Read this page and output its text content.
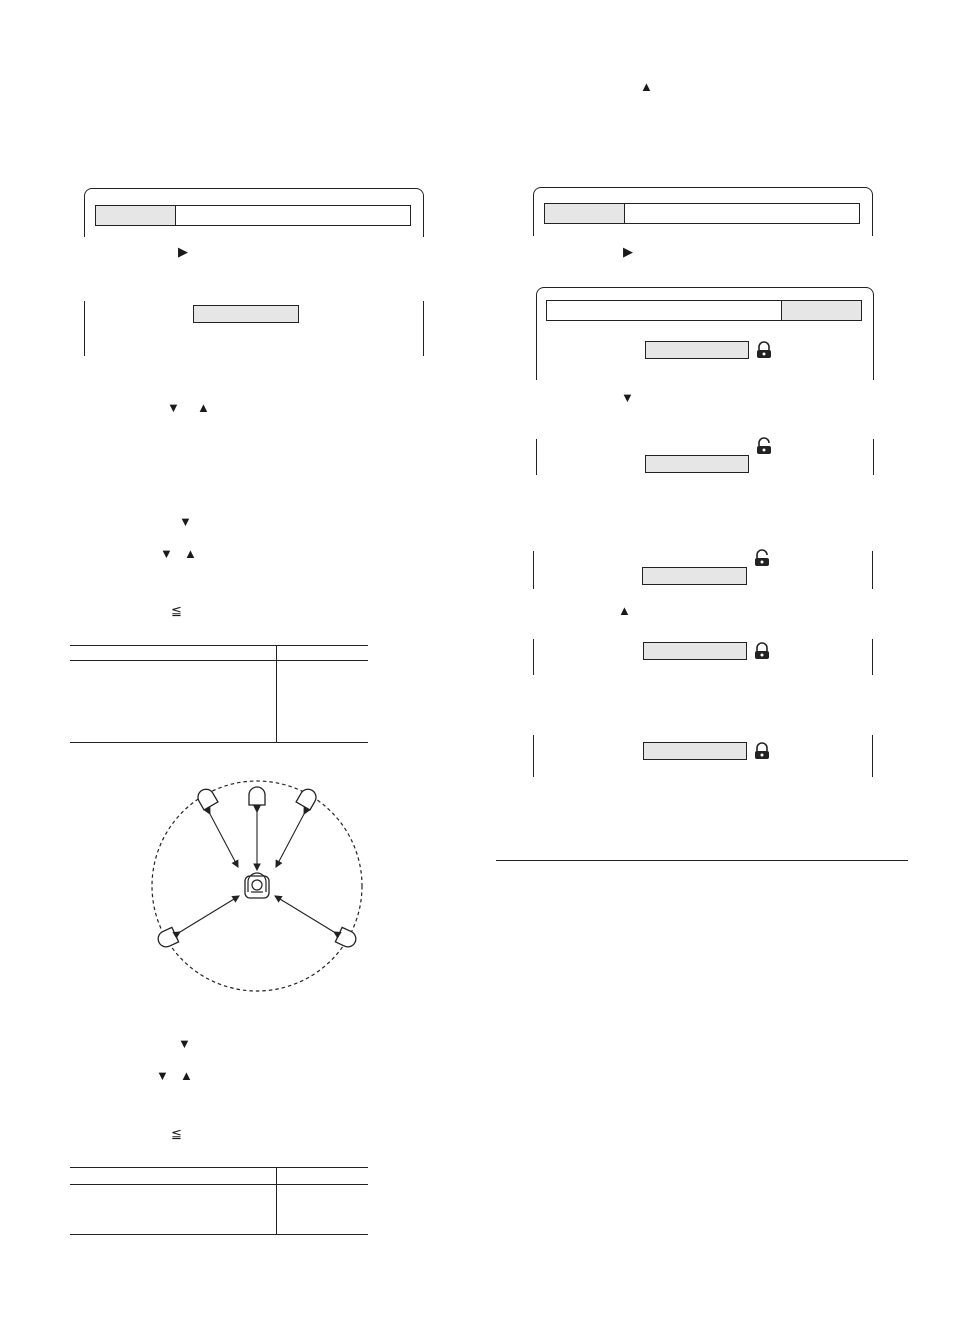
▶
▼ ▲
▼
▼ ▲
≦
▼
▼ ▲
≦
▲
▶
▼
▲
